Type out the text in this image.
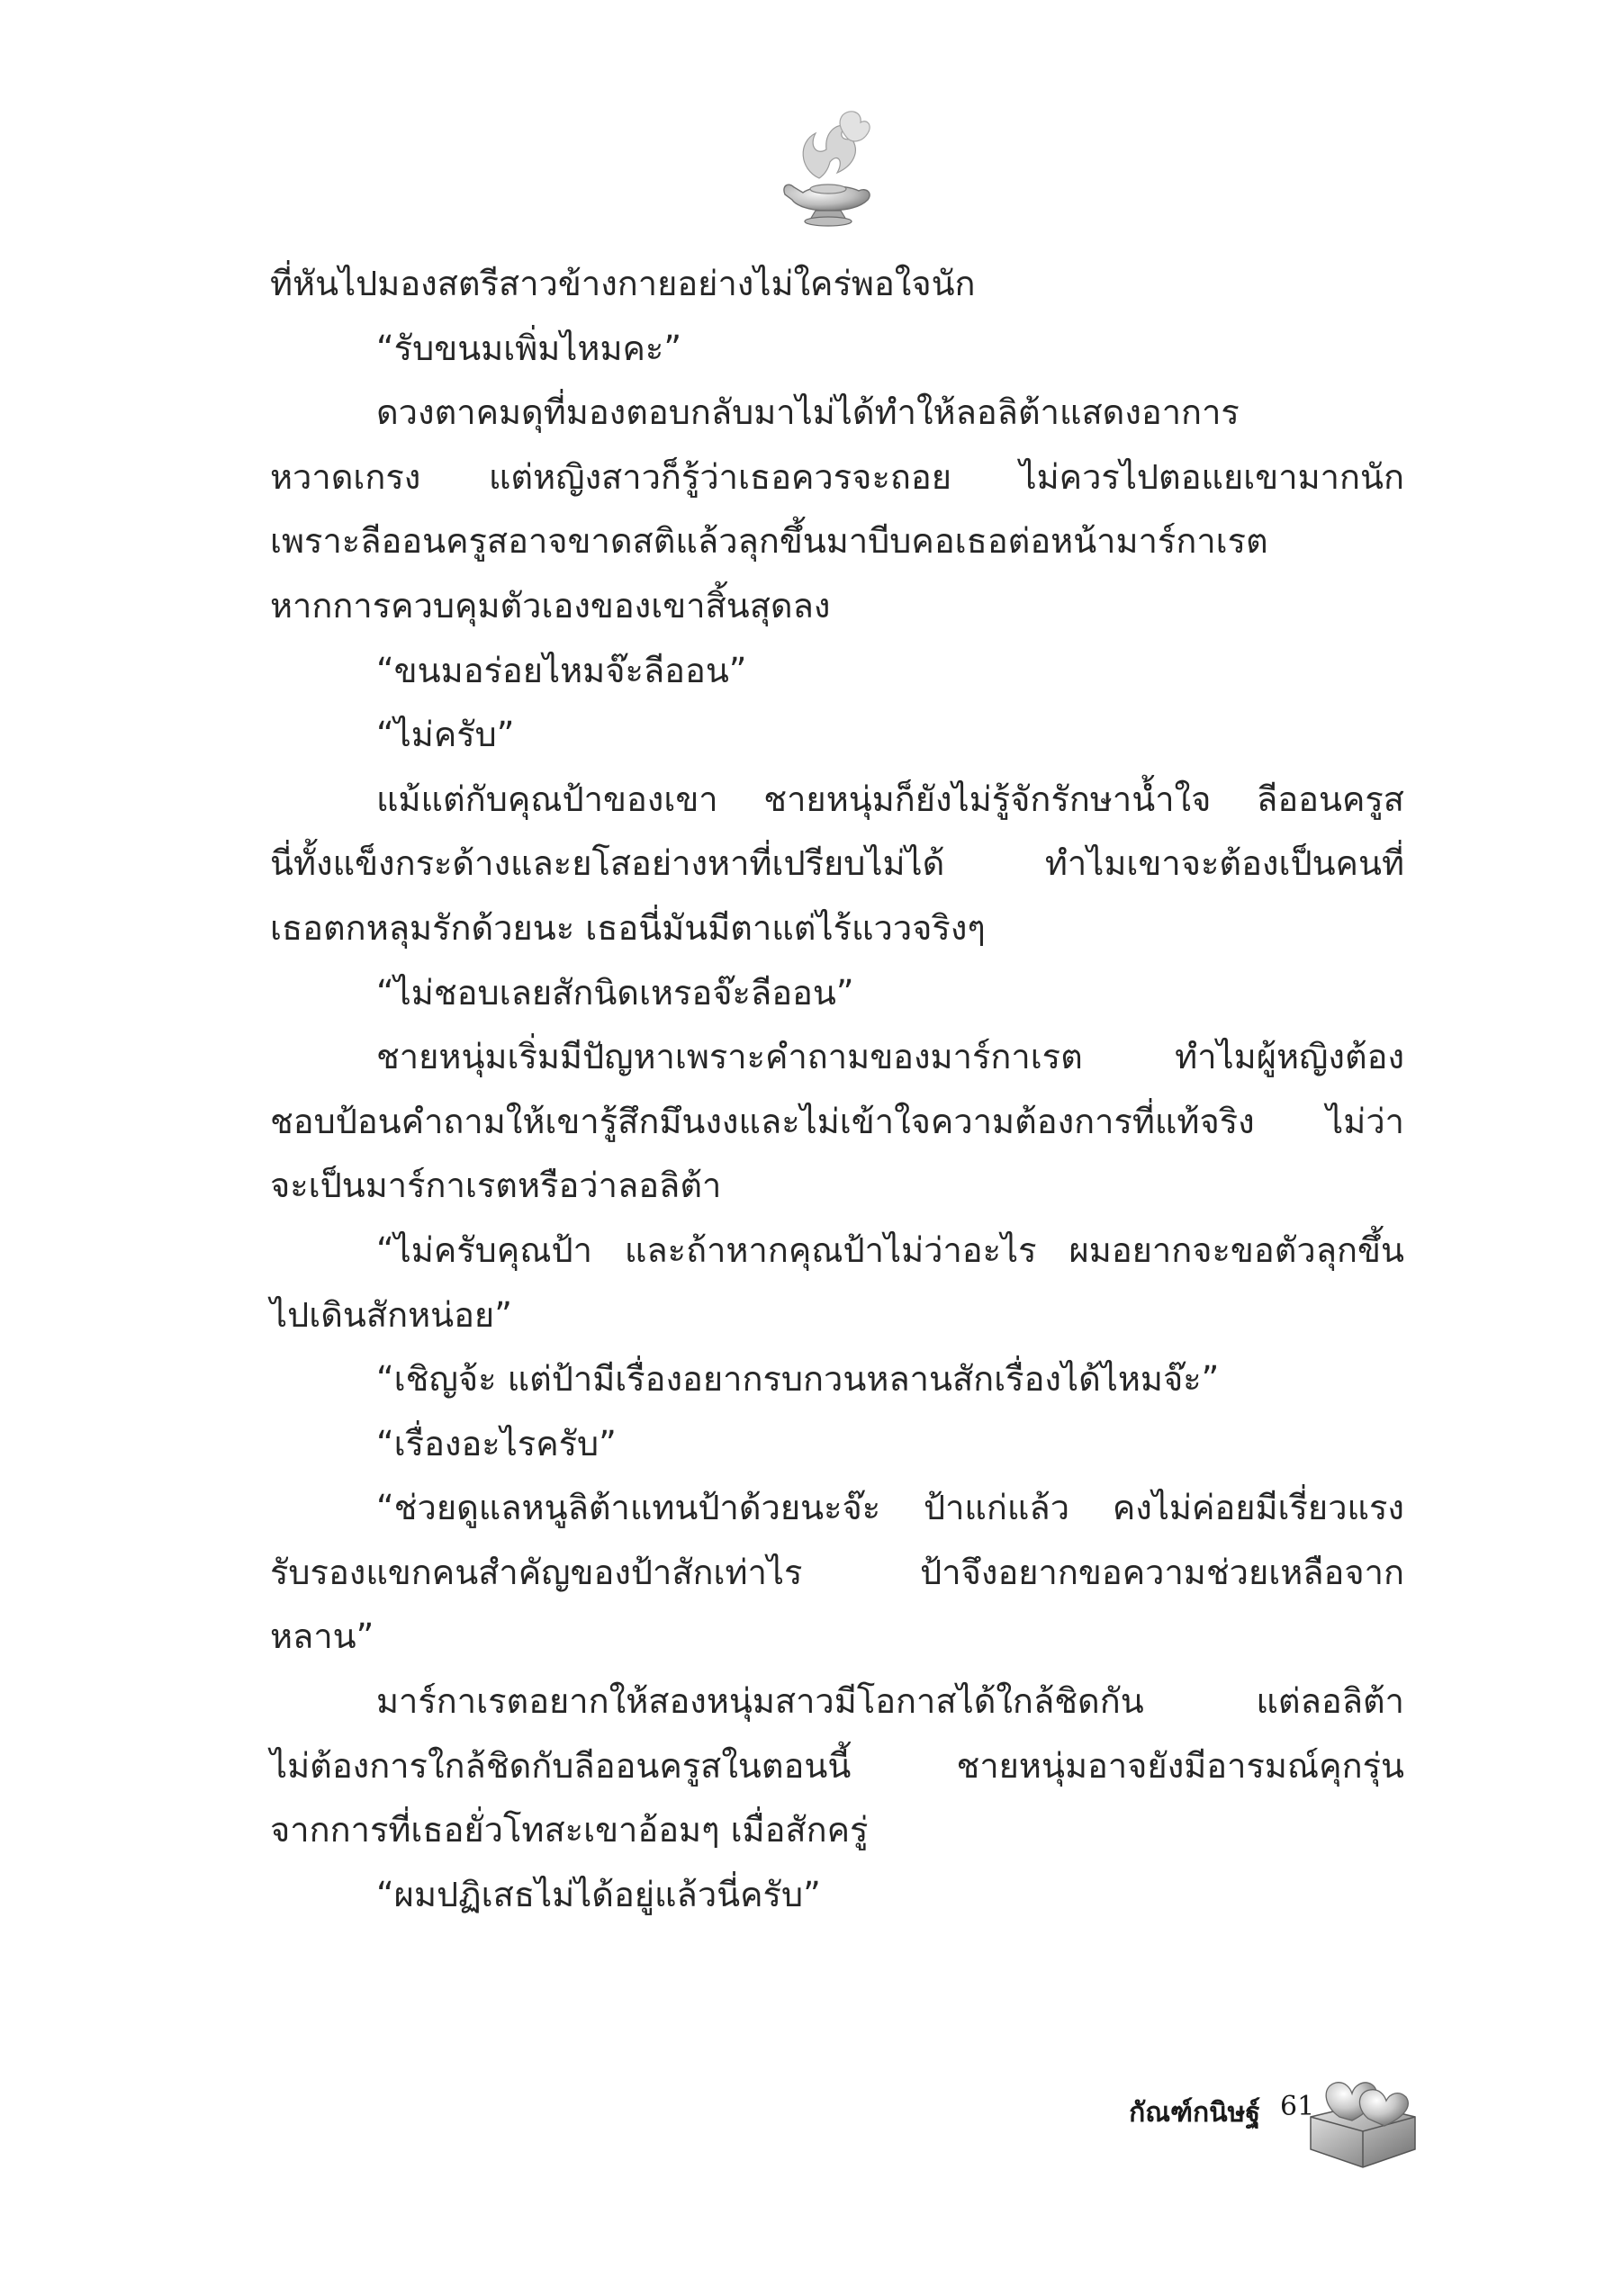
ที่หันไปมองสตรีสาวข้างกายอย่างไม่ใคร่พอใจนัก
“รับขนมเพิ่มไหมคะ”
ดวงตาคมดุที่มองตอบกลับมาไม่ได้ทำให้ลอลิต้าแสดงอาการ
หวาดเกรง แต่หญิงสาวก็รู้ว่าเธอควรจะถอย ไม่ควรไปตอแยเขามากนัก
เพราะลีออนครูสอาจขาดสติแล้วลุกขึ้นมาบีบคอเธอต่อหน้ามาร์กาเรต
หากการควบคุมตัวเองของเขาสิ้นสุดลง
“ขนมอร่อยไหมจ๊ะลีออน”
“ไม่ครับ”
แม้แต่กับคุณป้าของเขา ชายหนุ่มก็ยังไม่รู้จักรักษาน้ำใจ ลีออนครูส
นี่ทั้งแข็งกระด้างและยโสอย่างหาที่เปรียบไม่ได้ ทำไมเขาจะต้องเป็นคนที่
เธอตกหลุมรักด้วยนะ เธอนี่มันมีตาแต่ไร้แววจริงๆ
“ไม่ชอบเลยสักนิดเหรอจ๊ะลีออน”
ชายหนุ่มเริ่มมีปัญหาเพราะคำถามของมาร์กาเรต ทำไมผู้หญิงต้อง
ชอบป้อนคำถามให้เขารู้สึกมึนงงและไม่เข้าใจความต้องการที่แท้จริง ไม่ว่า
จะเป็นมาร์กาเรตหรือว่าลอลิต้า
“ไม่ครับคุณป้า และถ้าหากคุณป้าไม่ว่าอะไร ผมอยากจะขอตัวลุกขึ้น
ไปเดินสักหน่อย”
“เชิญจ้ะ แต่ป้ามีเรื่องอยากรบกวนหลานสักเรื่องได้ไหมจ๊ะ”
“เรื่องอะไรครับ”
“ช่วยดูแลหนูลิต้าแทนป้าด้วยนะจ๊ะ ป้าแก่แล้ว คงไม่ค่อยมีเรี่ยวแรง
รับรองแขกคนสำคัญของป้าสักเท่าไร ป้าจึงอยากขอความช่วยเหลือจาก
หลาน”
มาร์กาเรตอยากให้สองหนุ่มสาวมีโอกาสได้ใกล้ชิดกัน แต่ลอลิต้า
ไม่ต้องการใกล้ชิดกับลีออนครูสในตอนนี้ ชายหนุ่มอาจยังมีอารมณ์คุกรุ่น
จากการที่เธอยั่วโทสะเขาอ้อมๆ เมื่อสักครู่
“ผมปฏิเสธไม่ได้อยู่แล้วนี่ครับ”
กัณฑ์กนิษฐ์ 61
